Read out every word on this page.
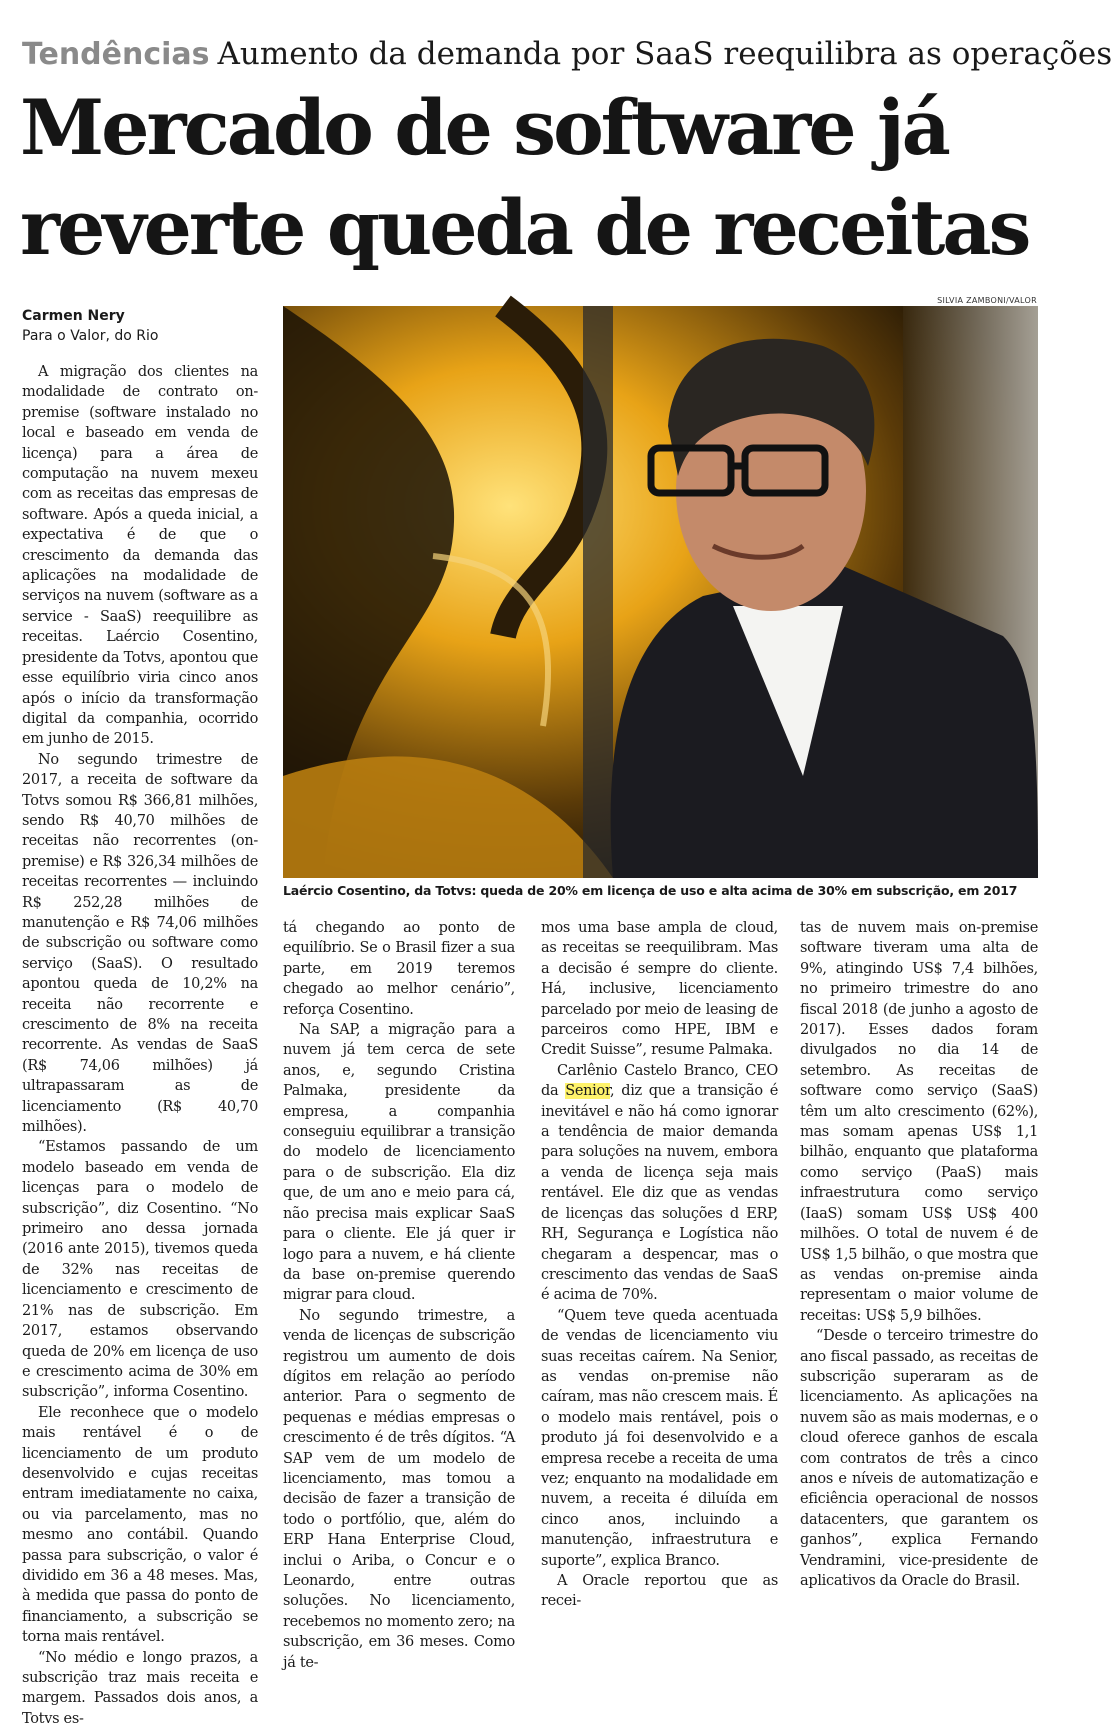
Tendências Aumento da demanda por SaaS reequilibra as operações
Mercado de software já
reverte queda de receitas
Carmen Nery
Para o Valor, do Rio
SILVIA ZAMBONI/VALOR
Laércio Cosentino, da Totvs: queda de 20% em licença de uso e alta acima de 30% em subscrição, em 2017

A migração dos clientes na modalidade de contrato on-premise (software instalado no local e baseado em venda de licença) para a área de computação na nuvem mexeu com as receitas das empresas de software. Após a queda inicial, a expectativa é de que o crescimento da demanda das aplicações na modalidade de serviços na nuvem (software as a service - SaaS) reequilibre as receitas. Laércio Cosentino, presidente da Totvs, apontou que esse equilíbrio viria cinco anos após o início da transformação digital da companhia, ocorrido em junho de 2015.

No segundo trimestre de 2017, a receita de software da Totvs somou R$ 366,81 milhões, sendo R$ 40,70 milhões de receitas não recorrentes (on-premise) e R$ 326,34 milhões de receitas recorrentes — incluindo R$ 252,28 milhões de manutenção e R$ 74,06 milhões de subscrição ou software como serviço (SaaS). O resultado apontou queda de 10,2% na receita não recorrente e crescimento de 8% na receita recorrente. As vendas de SaaS (R$ 74,06 milhões) já ultrapassaram as de licenciamento (R$ 40,70 milhões).

“Estamos passando de um modelo baseado em venda de licenças para o modelo de subscrição”, diz Cosentino. “No primeiro ano dessa jornada (2016 ante 2015), tivemos queda de 32% nas receitas de licenciamento e crescimento de 21% nas de subscrição. Em 2017, estamos observando queda de 20% em licença de uso e crescimento acima de 30% em subscrição”, informa Cosentino.

Ele reconhece que o modelo mais rentável é o de licenciamento de um produto desenvolvido e cujas receitas entram imediatamente no caixa, ou via parcelamento, mas no mesmo ano contábil. Quando passa para subscrição, o valor é dividido em 36 a 48 meses. Mas, à medida que passa do ponto de financiamento, a subscrição se torna mais rentável.

“No médio e longo prazos, a subscrição traz mais receita e margem. Passados dois anos, a Totvs es-

tá chegando ao ponto de equilíbrio. Se o Brasil fizer a sua parte, em 2019 teremos chegado ao melhor cenário”, reforça Cosentino.

Na SAP, a migração para a nuvem já tem cerca de sete anos, e, segundo Cristina Palmaka, presidente da empresa, a companhia conseguiu equilibrar a transição do modelo de licenciamento para o de subscrição. Ela diz que, de um ano e meio para cá, não precisa mais explicar SaaS para o cliente. Ele já quer ir logo para a nuvem, e há cliente da base on-premise querendo migrar para cloud.

No segundo trimestre, a venda de licenças de subscrição registrou um aumento de dois dígitos em relação ao período anterior. Para o segmento de pequenas e médias empresas o crescimento é de três dígitos. “A SAP vem de um modelo de licenciamento, mas tomou a decisão de fazer a transição de todo o portfólio, que, além do ERP Hana Enterprise Cloud, inclui o Ariba, o Concur e o Leonardo, entre outras soluções. No licenciamento, recebemos no momento zero; na subscrição, em 36 meses. Como já te-

mos uma base ampla de cloud, as receitas se reequilibram. Mas a decisão é sempre do cliente. Há, inclusive, licenciamento parcelado por meio de leasing de parceiros como HPE, IBM e Credit Suisse”, resume Palmaka.

Carlênio Castelo Branco, CEO da Senior, diz que a transição é inevitável e não há como ignorar a tendência de maior demanda para soluções na nuvem, embora a venda de licença seja mais rentável. Ele diz que as vendas de licenças das soluções d ERP, RH, Segurança e Logística não chegaram a despencar, mas o crescimento das vendas de SaaS é acima de 70%.

“Quem teve queda acentuada de vendas de licenciamento viu suas receitas caírem. Na Senior, as vendas on-premise não caíram, mas não crescem mais. É o modelo mais rentável, pois o produto já foi desenvolvido e a empresa recebe a receita de uma vez; enquanto na modalidade em nuvem, a receita é diluída em cinco anos, incluindo a manutenção, infraestrutura e suporte”, explica Branco.

A Oracle reportou que as recei-

tas de nuvem mais on-premise software tiveram uma alta de 9%, atingindo US$ 7,4 bilhões, no primeiro trimestre do ano fiscal 2018 (de junho a agosto de 2017). Esses dados foram divulgados no dia 14 de setembro. As receitas de software como serviço (SaaS) têm um alto crescimento (62%), mas somam apenas US$ 1,1 bilhão, enquanto que plataforma como serviço (PaaS) mais infraestrutura como serviço (IaaS) somam US$ US$ 400 milhões. O total de nuvem é de US$ 1,5 bilhão, o que mostra que as vendas on-premise ainda representam o maior volume de receitas: US$ 5,9 bilhões.

“Desde o terceiro trimestre do ano fiscal passado, as receitas de subscrição superaram as de licenciamento. As aplicações na nuvem são as mais modernas, e o cloud oferece ganhos de escala com contratos de três a cinco anos e níveis de automatização e eficiência operacional de nossos datacenters, que garantem os ganhos”, explica Fernando Vendramini, vice-presidente de aplicativos da Oracle do Brasil.
